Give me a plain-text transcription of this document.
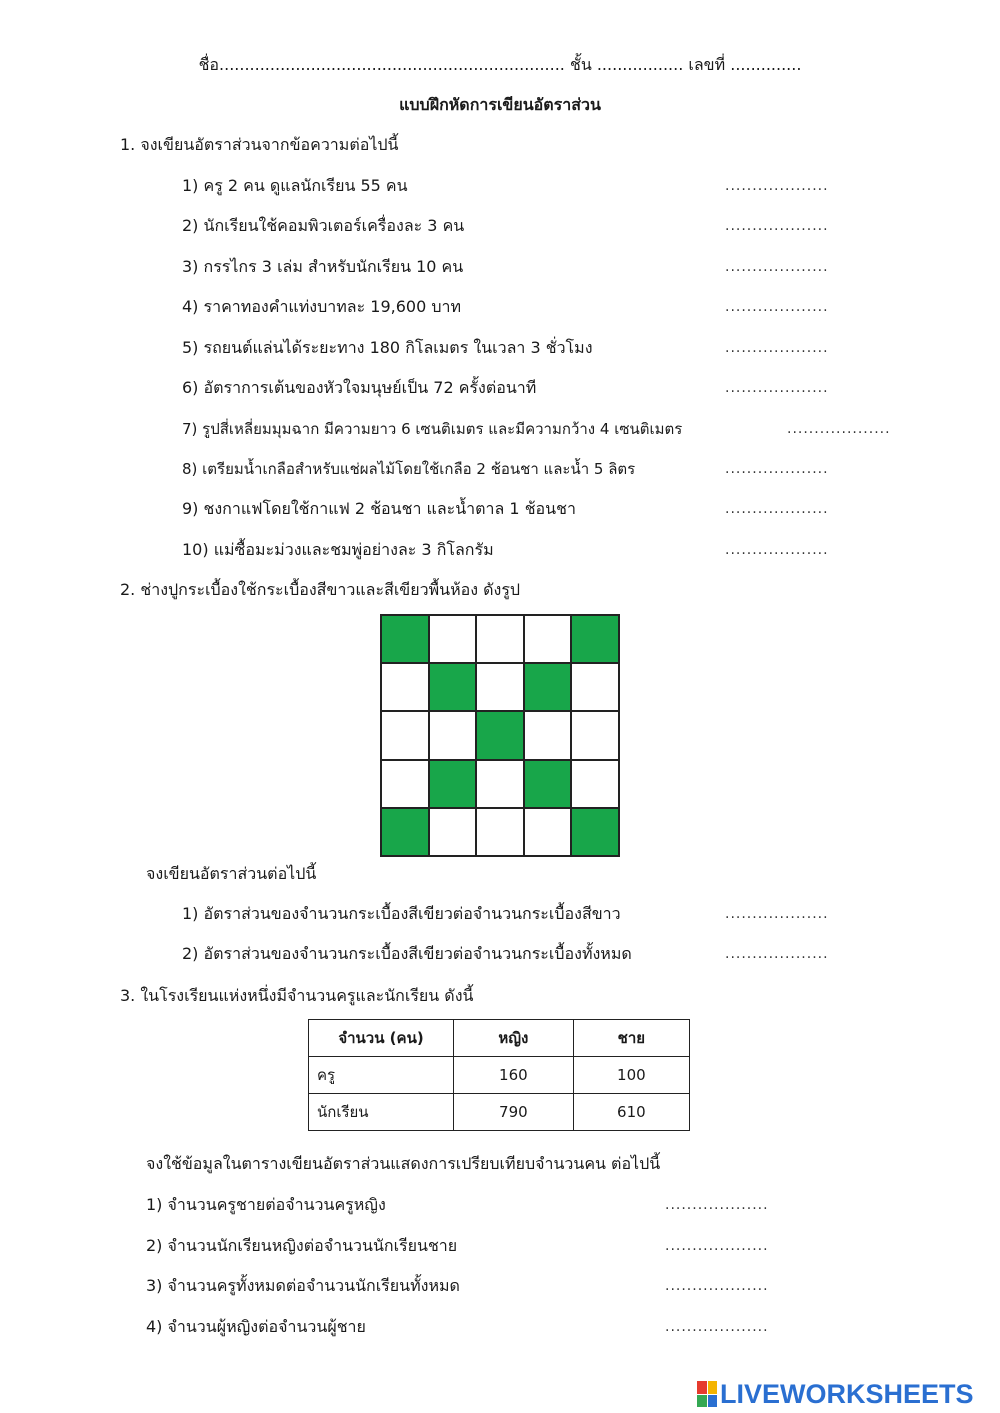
ชื่อ.................................................................... ชั้น ................. เลขที่ ..............
แบบฝึกหัดการเขียนอัตราส่วน
1. จงเขียนอัตราส่วนจากข้อความต่อไปนี้
1) ครู 2 คน ดูแลนักเรียน 55 คน	...................
2) นักเรียนใช้คอมพิวเตอร์เครื่องละ 3 คน	...................
3) กรรไกร 3 เล่ม สำหรับนักเรียน 10 คน	...................
4) ราคาทองคำแท่งบาทละ 19,600 บาท	...................
5) รถยนต์แล่นได้ระยะทาง 180 กิโลเมตร ในเวลา 3 ชั่วโมง	...................
6) อัตราการเต้นของหัวใจมนุษย์เป็น 72 ครั้งต่อนาที	...................
7) รูปสี่เหลี่ยมมุมฉาก มีความยาว 6 เซนติเมตร และมีความกว้าง 4 เซนติเมตร	...................
8) เตรียมน้ำเกลือสำหรับแช่ผลไม้โดยใช้เกลือ 2 ช้อนชา และน้ำ 5 ลิตร	...................
9) ชงกาแฟโดยใช้กาแฟ 2 ช้อนชา และน้ำตาล 1 ช้อนชา	...................
10) แม่ซื้อมะม่วงและชมพู่อย่างละ 3 กิโลกรัม	...................
2. ช่างปูกระเบื้องใช้กระเบื้องสีขาวและสีเขียวพื้นห้อง ดังรูป
จงเขียนอัตราส่วนต่อไปนี้
1) อัตราส่วนของจำนวนกระเบื้องสีเขียวต่อจำนวนกระเบื้องสีขาว	...................
2) อัตราส่วนของจำนวนกระเบื้องสีเขียวต่อจำนวนกระเบื้องทั้งหมด	...................
3. ในโรงเรียนแห่งหนึ่งมีจำนวนครูและนักเรียน ดังนี้
จำนวน (คน)	หญิง	ชาย
ครู	160	100
นักเรียน	790	610
จงใช้ข้อมูลในตารางเขียนอัตราส่วนแสดงการเปรียบเทียบจำนวนคน ต่อไปนี้
1) จำนวนครูชายต่อจำนวนครูหญิง	...................
2) จำนวนนักเรียนหญิงต่อจำนวนนักเรียนชาย	...................
3) จำนวนครูทั้งหมดต่อจำนวนนักเรียนทั้งหมด	...................
4) จำนวนผู้หญิงต่อจำนวนผู้ชาย	...................
LIVEWORKSHEETS
